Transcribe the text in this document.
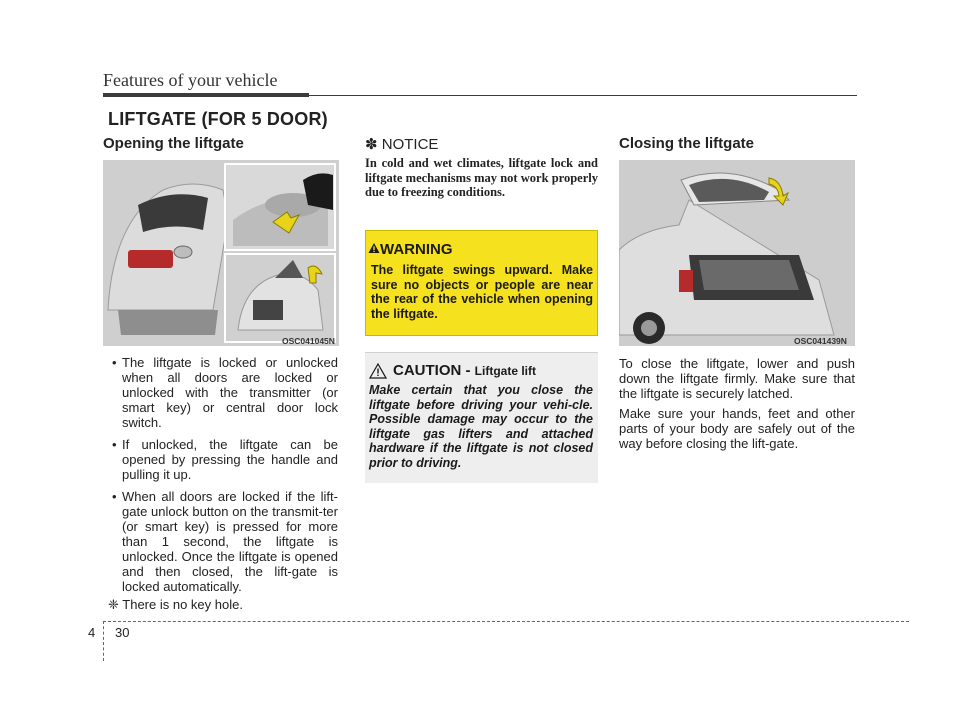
Features of your vehicle
LIFTGATE (FOR 5 DOOR)
Opening the liftgate
OSC041045N
• The liftgate is locked or unlocked when all doors are locked or unlocked with the transmitter (or smart key) or central door lock switch.
• If unlocked, the liftgate can be opened by pressing the handle and pulling it up.
• When all doors are locked if the lift-gate unlock button on the transmit-ter (or smart key) is pressed for more than 1 second, the liftgate is unlocked. Once the liftgate is opened and then closed, the lift-gate is locked automatically.
❈ There is no key hole.
✽ NOTICE
In cold and wet climates, liftgate lock and liftgate mechanisms may not work properly due to freezing conditions.
WARNING
The liftgate swings upward. Make sure no objects or people are near the rear of the vehicle when opening the liftgate.
CAUTION - Liftgate lift
Make certain that you close the liftgate before driving your vehi-cle. Possible damage may occur to the liftgate gas lifters and attached hardware if the liftgate is not closed prior to driving.
Closing the liftgate
OSC041439N
To close the liftgate, lower and push down the liftgate firmly. Make sure that the liftgate is securely latched.
Make sure your hands, feet and other parts of your body are safely out of the way before closing the lift-gate.
4 30
